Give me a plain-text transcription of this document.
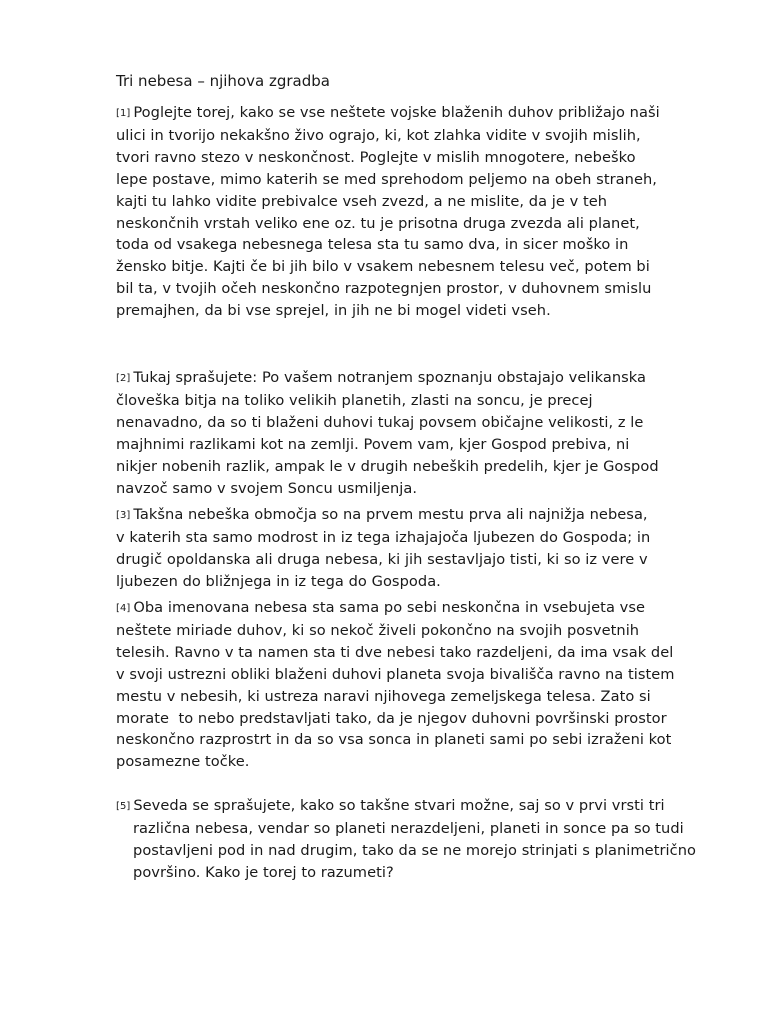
Tri nebesa – njihova zgradba

[1] Poglejte torej, kako se vse neštete vojske blaženih duhov približajo naši
ulici in tvorijo nekakšno živo ograjo, ki, kot zlahka vidite v svojih mislih,
tvori ravno stezo v neskončnost. Poglejte v mislih mnogotere, nebeško
lepe postave, mimo katerih se med sprehodom peljemo na obeh straneh,
kajti tu lahko vidite prebivalce vseh zvezd, a ne mislite, da je v teh
neskončnih vrstah veliko ene oz. tu je prisotna druga zvezda ali planet,
toda od vsakega nebesnega telesa sta tu samo dva, in sicer moško in
žensko bitje. Kajti če bi jih bilo v vsakem nebesnem telesu več, potem bi
bil ta, v tvojih očeh neskončno razpotegnjen prostor, v duhovnem smislu
premajhen, da bi vse sprejel, in jih ne bi mogel videti vseh.

[2] Tukaj sprašujete: Po vašem notranjem spoznanju obstajajo velikanska
človeška bitja na toliko velikih planetih, zlasti na soncu, je precej
nenavadno, da so ti blaženi duhovi tukaj povsem običajne velikosti, z le
majhnimi razlikami kot na zemlji. Povem vam, kjer Gospod prebiva, ni
nikjer nobenih razlik, ampak le v drugih nebeških predelih, kjer je Gospod
navzoč samo v svojem Soncu usmiljenja.

[3] Takšna nebeška območja so na prvem mestu prva ali najnižja nebesa,
v katerih sta samo modrost in iz tega izhajajoča ljubezen do Gospoda; in
drugič opoldanska ali druga nebesa, ki jih sestavljajo tisti, ki so iz vere v
ljubezen do bližnjega in iz tega do Gospoda.

[4] Oba imenovana nebesa sta sama po sebi neskončna in vsebujeta vse
neštete miriade duhov, ki so nekoč živeli pokončno na svojih posvetnih
telesih. Ravno v ta namen sta ti dve nebesi tako razdeljeni, da ima vsak del
v svoji ustrezni obliki blaženi duhovi planeta svoja bivališča ravno na tistem
mestu v nebesih, ki ustreza naravi njihovega zemeljskega telesa. Zato si
morate  to nebo predstavljati tako, da je njegov duhovni površinski prostor
neskončno razprostrt in da so vsa sonca in planeti sami po sebi izraženi kot
posamezne točke.

[5] Seveda se sprašujete, kako so takšne stvari možne, saj so v prvi vrsti tri
različna nebesa, vendar so planeti nerazdeljeni, planeti in sonce pa so tudi
postavljeni pod in nad drugim, tako da se ne morejo strinjati s planimetrično
površino. Kako je torej to razumeti?
